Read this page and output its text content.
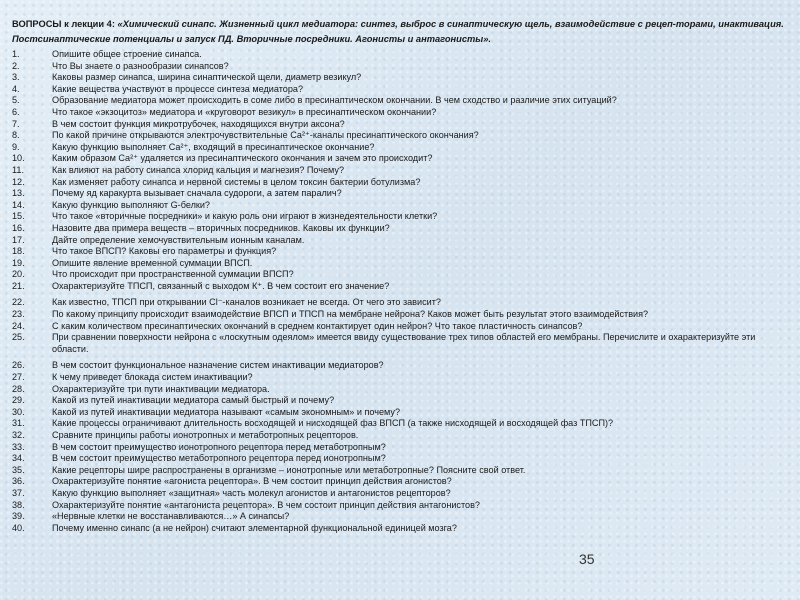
ВОПРОСЫ к лекции 4: «Химический синапс. Жизненный цикл медиатора: синтез, выброс в синаптическую щель, взаимодействие с рецеп-торами, инактивация. Постсинаптические потенциалы и запуск ПД. Вторичные посредники. Агонисты и антагонисты».
1.	Опишите общее строение синапса.
2.	Что Вы знаете о разнообразии синапсов?
3.	Каковы размер синапса, ширина синаптической щели, диаметр везикул?
4.	Какие вещества участвуют в процессе синтеза медиатора?
5.	Образование медиатора может происходить в соме либо в пресинаптическом окончании. В чем сходство и различие этих ситуаций?
6.	Что такое «экзоцитоз» медиатора и «круговорот везикул» в пресинаптическом окончании?
7.	В чем состоит функция микротрубочек, находящихся внутри аксона?
8.	По какой причине открываются электрочувствительные Са²⁺-каналы пресинаптического окончания?
9.	Какую функцию выполняет Са²⁺, входящий в пресинаптическое окончание?
10.	Каким образом Са²⁺ удаляется из пресинаптического окончания и зачем это происходит?
11.	Как влияют на работу синапса хлорид кальция и магнезия? Почему?
12.	Как изменяет работу синапса и нервной системы в целом токсин бактерии ботулизма?
13.	Почему яд каракурта вызывает сначала судороги, а затем паралич?
14.	Какую функцию выполняют G-белки?
15.	Что такое «вторичные посредники» и какую роль они играют в жизнедеятельности клетки?
16.	Назовите два примера веществ – вторичных посредников. Каковы их функции?
17.	Дайте определение хемочувствительным ионным каналам.
18.	Что такое ВПСП? Каковы его параметры и функция?
19.	Опишите явление временной суммации ВПСП.
20.	Что происходит при пространственной суммации ВПСП?
21.	Охарактеризуйте ТПСП, связанный с выходом К⁺. В чем состоит его значение?
22.	Как известно, ТПСП при открывании Cl⁻-каналов возникает не всегда. От чего это зависит?
23.	По какому принципу происходит взаимодействие ВПСП и ТПСП на мембране нейрона? Каков может быть результат этого взаимодействия?
24.	С каким количеством пресинаптических окончаний в среднем контактирует один нейрон? Что такое пластичность синапсов?
25.	При сравнении поверхности нейрона с «лоскутным одеялом» имеется ввиду существование трех типов областей его мембраны. Перечислите и охарактеризуйте эти области.
26.	В чем состоит функциональное назначение систем инактивации медиаторов?
27.	К чему приведет блокада систем инактивации?
28.	Охарактеризуйте три пути инактивации медиатора.
29.	Какой из путей инактивации медиатора самый быстрый и почему?
30.	Какой из путей инактивации медиатора называют «самым экономным» и почему?
31.	Какие процессы ограничивают длительность восходящей и нисходящей фаз ВПСП (а также нисходящей и восходящей фаз ТПСП)?
32.	Сравните принципы работы ионотропных и метаботропных рецепторов.
33.	В чем состоит преимущество ионотропного рецептора перед метаботропным?
34.	В чем состоит преимущество метаботропного рецептора перед ионотропным?
35.	Какие рецепторы шире распространены в организме – ионотропные или метаботропные? Поясните свой ответ.
36.	Охарактеризуйте понятие «агониста рецептора». В чем состоит принцип действия агонистов?
37.	Какую функцию выполняет «защитная» часть молекул агонистов и антагонистов рецепторов?
38.	Охарактеризуйте понятие «антагониста рецептора». В чем состоит принцип действия антагонистов?
39.	«Нервные клетки не восстанавливаются…» А синапсы?
40.	Почему именно синапс (а не нейрон) считают элементарной функциональной единицей мозга?
35
